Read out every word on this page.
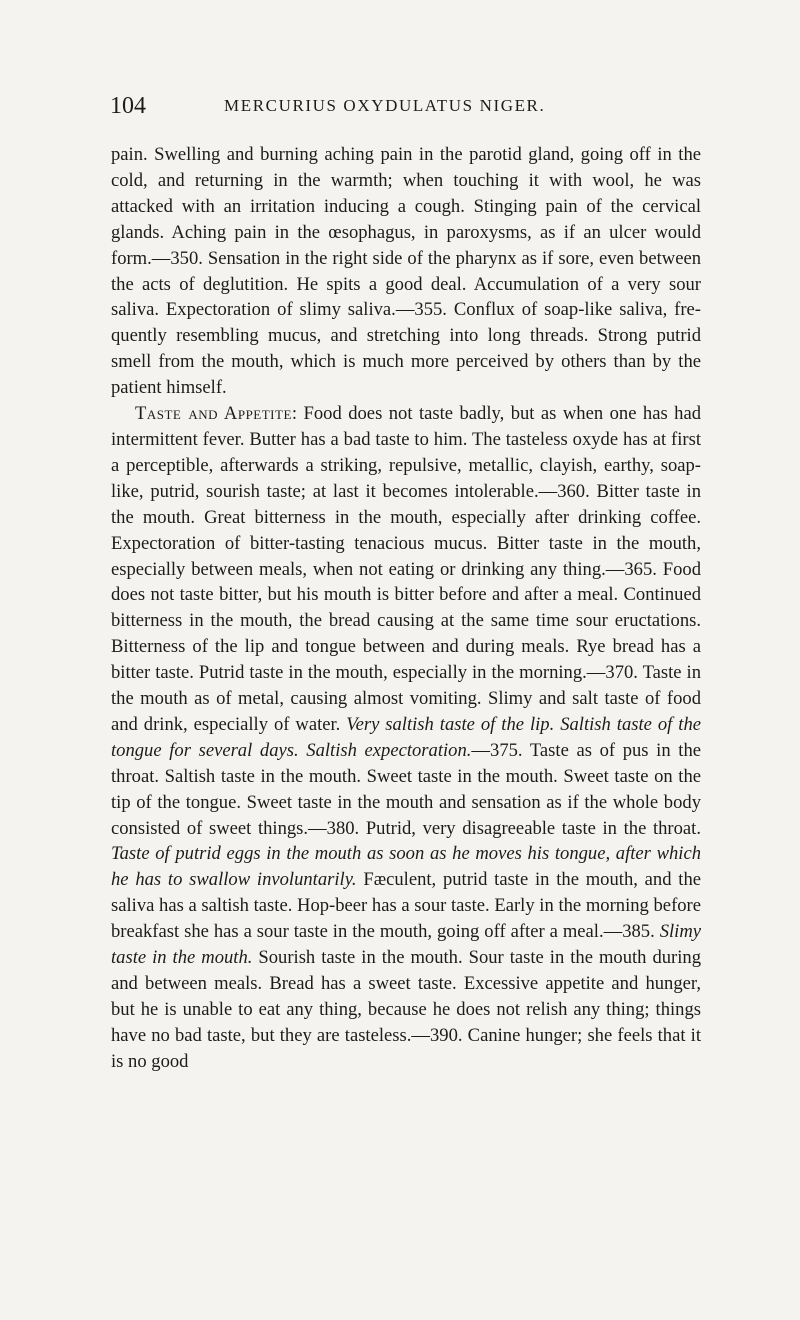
104	MERCURIUS OXYDULATUS NIGER.

pain. Swelling and burning aching pain in the parotid gland, going off in the cold, and returning in the warmth; when touching it with wool, he was attacked with an irritation inducing a cough. Stinging pain of the cervical glands. Aching pain in the œsophagus, in paroxysms, as if an ulcer would form.—350. Sensation in the right side of the pharynx as if sore, even between the acts of deglutition. He spits a good deal. Accumulation of a very sour saliva. Expectoration of slimy saliva.—355. Conflux of soap-like saliva, frequently resembling mucus, and stretching into long threads. Strong putrid smell from the mouth, which is much more perceived by others than by the patient himself.

Taste and Appetite: Food does not taste badly, but as when one has had intermittent fever. Butter has a bad taste to him. The tasteless oxyde has at first a perceptible, afterwards a striking, repulsive, metallic, clayish, earthy, soap-like, putrid, sourish taste; at last it becomes intolerable.—360. Bitter taste in the mouth. Great bitterness in the mouth, especially after drinking coffee. Expectoration of bitter-tasting tenacious mucus. Bitter taste in the mouth, especially between meals, when not eating or drinking any thing.—365. Food does not taste bitter, but his mouth is bitter before and after a meal. Continued bitterness in the mouth, the bread causing at the same time sour eructations. Bitterness of the lip and tongue between and during meals. Rye bread has a bitter taste. Putrid taste in the mouth, especially in the morning.—370. Taste in the mouth as of metal, causing almost vomiting. Slimy and salt taste of food and drink, especially of water. Very saltish taste of the lip. Saltish taste of the tongue for several days. Saltish expectoration.—375. Taste as of pus in the throat. Saltish taste in the mouth. Sweet taste in the mouth. Sweet taste on the tip of the tongue. Sweet taste in the mouth and sensation as if the whole body consisted of sweet things.—380. Putrid, very disagreeable taste in the throat. Taste of putrid eggs in the mouth as soon as he moves his tongue, after which he has to swallow involuntarily. Fæculent, putrid taste in the mouth, and the saliva has a saltish taste. Hop-beer has a sour taste. Early in the morning before breakfast she has a sour taste in the mouth, going off after a meal.—385. Slimy taste in the mouth. Sourish taste in the mouth. Sour taste in the mouth during and between meals. Bread has a sweet taste. Excessive appetite and hunger, but he is unable to eat any thing, because he does not relish any thing; things have no bad taste, but they are tasteless.—390. Canine hunger; she feels that it is no good
